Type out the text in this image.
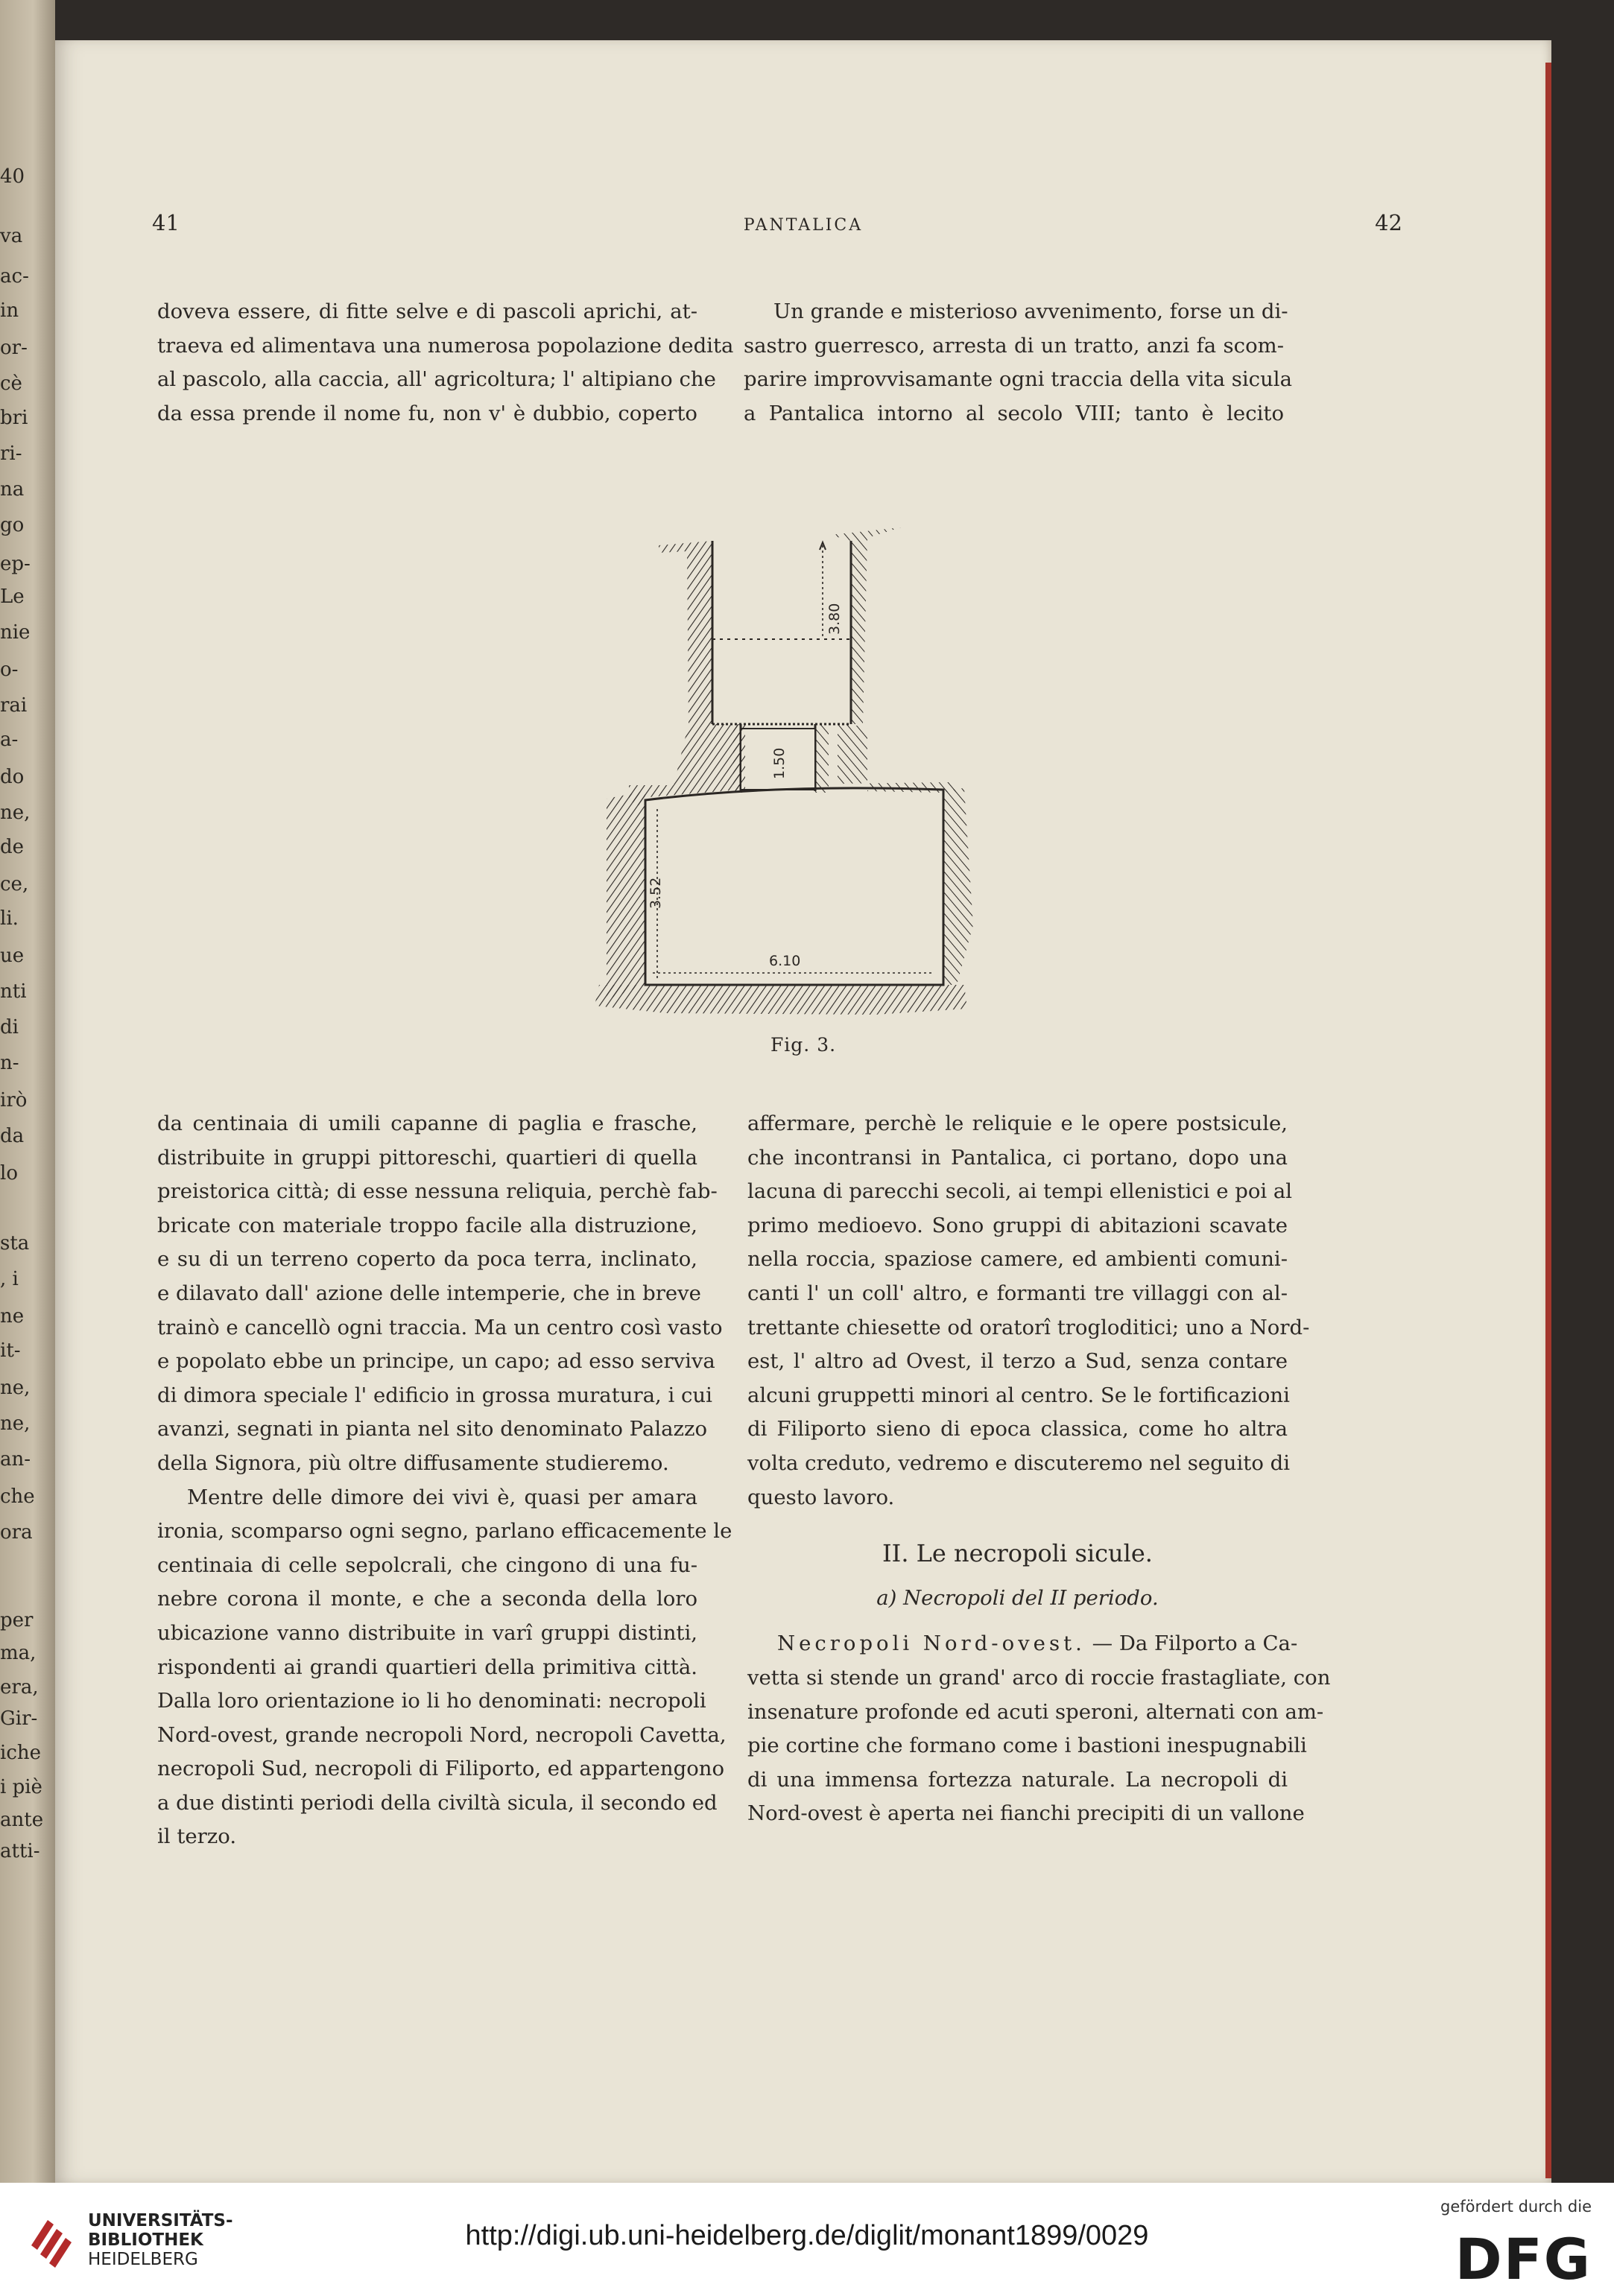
40
va
ac-
in
or-
cè
bri
ri-
na
go
ep-
Le
nie
o-
rai
a-
do
ne,
de
ce,
li.
ue
nti
di
n-
irò
da
lo
sta
, i
ne
it-
ne,
ne,
an-
che
ora
per
ma,
era,
Gir-
iche
i piè
ante
atti-
41	PANTALICA	42

doveva essere, di fitte selve e di pascoli aprichi, at-

traeva ed alimentava una numerosa popolazione dedita

al pascolo, alla caccia, all' agricoltura; l' altipiano che

da essa prende il nome fu, non v' è dubbio, coperto

Un grande e misterioso avvenimento, forse un di-

sastro guerresco, arresta di un tratto, anzi fa scom-

parire improvvisamante ogni traccia della vita sicula

a Pantalica intorno al secolo VIII; tanto è lecito

3.80
1.50
3.52
6.10
Fig. 3.

da centinaia di umili capanne di paglia e frasche,

distribuite in gruppi pittoreschi, quartieri di quella

preistorica città; di esse nessuna reliquia, perchè fab-

bricate con materiale troppo facile alla distruzione,

e su di un terreno coperto da poca terra, inclinato,

e dilavato dall' azione delle intemperie, che in breve

trainò e cancellò ogni traccia. Ma un centro così vasto

e popolato ebbe un principe, un capo; ad esso serviva

di dimora speciale l' edificio in grossa muratura, i cui

avanzi, segnati in pianta nel sito denominato Palazzo

della Signora, più oltre diffusamente studieremo.

Mentre delle dimore dei vivi è, quasi per amara

ironia, scomparso ogni segno, parlano efficacemente le

centinaia di celle sepolcrali, che cingono di una fu-

nebre corona il monte, e che a seconda della loro

ubicazione vanno distribuite in varî gruppi distinti,

rispondenti ai grandi quartieri della primitiva città.

Dalla loro orientazione io li ho denominati: necropoli

Nord-ovest, grande necropoli Nord, necropoli Cavetta,

necropoli Sud, necropoli di Filiporto, ed appartengono

a due distinti periodi della civiltà sicula, il secondo ed

il terzo.

affermare, perchè le reliquie e le opere postsicule,

che incontransi in Pantalica, ci portano, dopo una

lacuna di parecchi secoli, ai tempi ellenistici e poi al

primo medioevo. Sono gruppi di abitazioni scavate

nella roccia, spaziose camere, ed ambienti comuni-

canti l' un coll' altro, e formanti tre villaggi con al-

trettante chiesette od oratorî trogloditici; uno a Nord-

est, l' altro ad Ovest, il terzo a Sud, senza contare

alcuni gruppetti minori al centro. Se le fortificazioni

di Filiporto sieno di epoca classica, come ho altra

volta creduto, vedremo e discuteremo nel seguito di

questo lavoro.

II. Le necropoli sicule.

a) Necropoli del II periodo.

Necropoli Nord-ovest. — Da Filporto a Ca-

vetta si stende un grand' arco di roccie frastagliate, con

insenature profonde ed acuti speroni, alternati con am-

pie cortine che formano come i bastioni inespugnabili

di una immensa fortezza naturale. La necropoli di

Nord-ovest è aperta nei fianchi precipiti di un vallone

UNIVERSITÄTS-
BIBLIOTHEK
HEIDELBERG
http://digi.ub.uni-heidelberg.de/diglit/monant1899/0029
gefördert durch die
DFG
